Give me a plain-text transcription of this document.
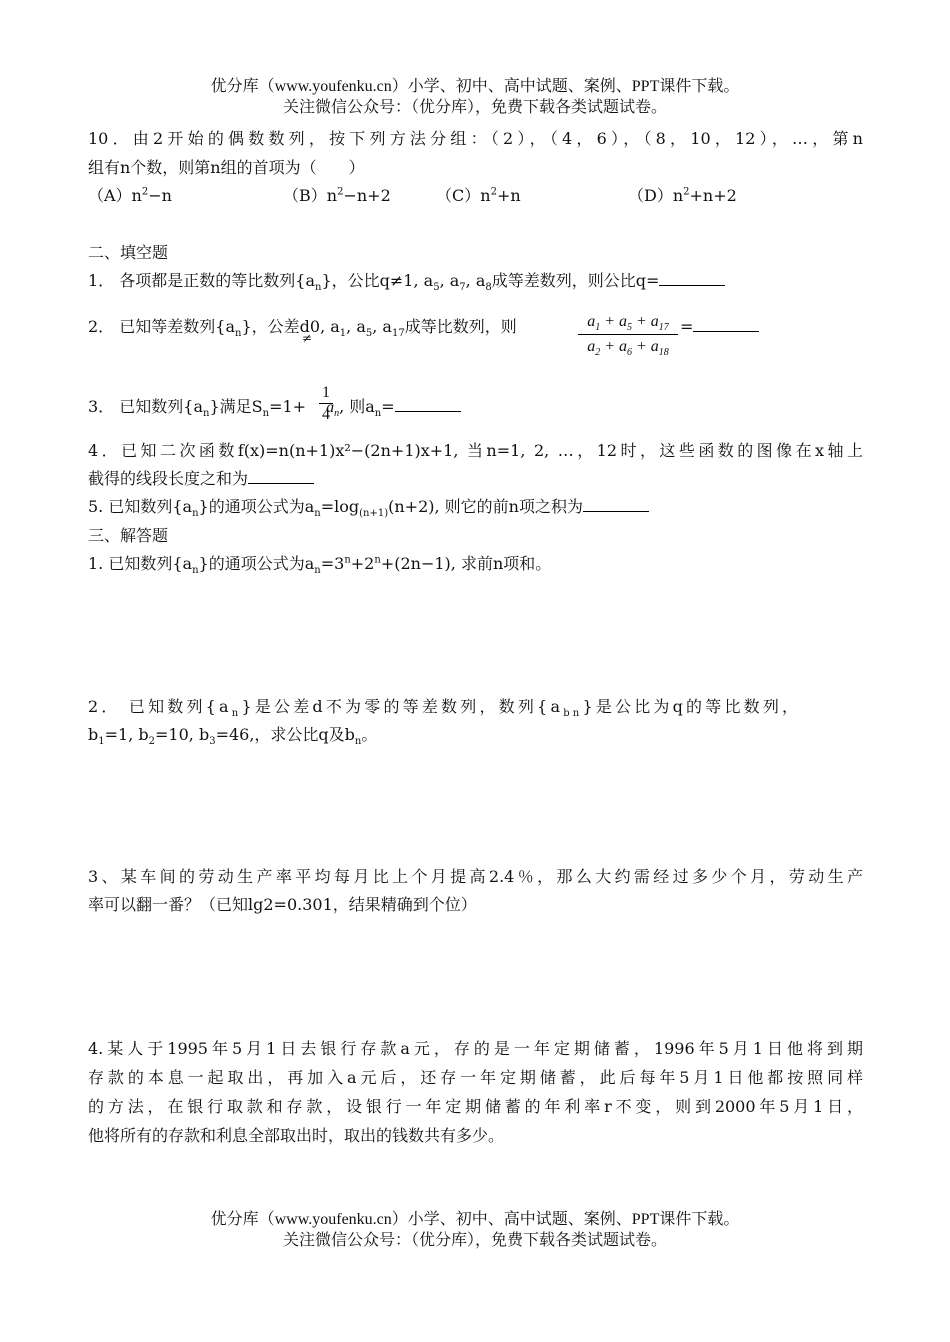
优分库（www.youfenku.cn）小学、初中、高中试题、案例、PPT课件下载。
关注微信公众号：（优分库），免费下载各类试题试卷。
10．由2开始的偶数数列，按下列方法分组：（2），（4，6），（8，10，12），…，第n
组有n个数，则第n组的首项为（　　）
$(A)n^2-n$	$(B)n^2-n+2$	$(C)n^2+n$	$(D)n^2+n+2$
二、填空题
1． 各项都是正数的等比数列$\{a_n\}$，公比q≠1, $a_5$, $a_7$, $a_8$成等差数列，则公比q=
2． 已知等差数列$\{a_n\}$，公差d
≠
0, $a_1$, $a_5$, $a_{17}$成等比数列，则	$\frac{a_1 + a_5 + a_{17}}{a_2 + a_6 + a_{18}}$ =
3． 已知数列$\{a_n\}$满足$S_n=1+ a_n$, 则$a_n=$
$\frac{1}{4}$
4．已知二次函数f(x)=n(n+1)x²−(2n+1)x+1, 当n=1, 2, …，12时，这些函数的图像在x轴上
截得的线段长度之和为
5. 已知数列$\{a_n\}$的通项公式为$a_n=\log_{(n+1)}(n+2)$, 则它的前n项之积为
三、解答题
1. 已知数列$\{a_n\}$的通项公式为$a_n=3^n+2^n+(2n-1)$, 求前n项和。
2． 已知数列$\{a_n\}$是公差d不为零的等差数列，数列$\{a_{bn}\}$是公比为q的等比数列，
$b_1=1$, $b_2=10$, $b_3=46$,，求公比q及$b_n$。
3、某车间的劳动生产率平均每月比上个月提高2.4％，那么大约需经过多少个月，劳动生产
率可以翻一番？（已知lg2=0.301，结果精确到个位）
4.某人于1995年5月1日去银行存款a元，存的是一年定期储蓄，1996年5月1日他将到期
存款的本息一起取出，再加入a元后，还存一年定期储蓄，此后每年5月1日他都按照同样
的方法，在银行取款和存款，设银行一年定期储蓄的年利率r不变，则到2000年5月1日，
他将所有的存款和利息全部取出时，取出的钱数共有多少。
优分库（www.youfenku.cn）小学、初中、高中试题、案例、PPT课件下载。
关注微信公众号：（优分库），免费下载各类试题试卷。
